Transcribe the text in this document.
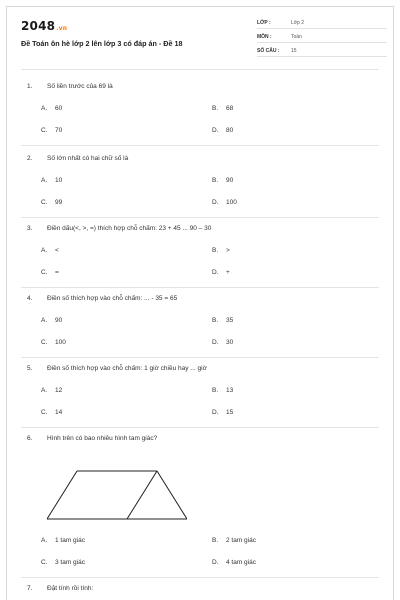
2048.vn
Đề Toán ôn hè lớp 2 lên lớp 3 có đáp án - Đề 18
LỚP :	Lớp 2
MÔN :	Toán
SỐ CÂU : 15
1. Số liền trước của 69 là
A. 60	B. 68
C. 70	D. 80
2. Số lớn nhất có hai chữ số là
A. 10	B. 90
C. 99	D. 100
3. Điền dấu(<, >, =) thích hợp chỗ chấm: 23 + 45 ... 90 – 30
A. <	B. >
C. =	D. +
4. Điền số thích hợp vào chỗ chấm: ... - 35 = 65
A. 90	B. 35
C. 100	D. 30
5. Điền số thích hợp vào chỗ chấm: 1 giờ chiều hay ... giờ
A. 12	B. 13
C. 14	D. 15
6. Hình trên có bao nhiêu hình tam giác?
A. 1 tam giác	B. 2 tam giác
C. 3 tam giác	D. 4 tam giác
7. Đặt tính rồi tính:
